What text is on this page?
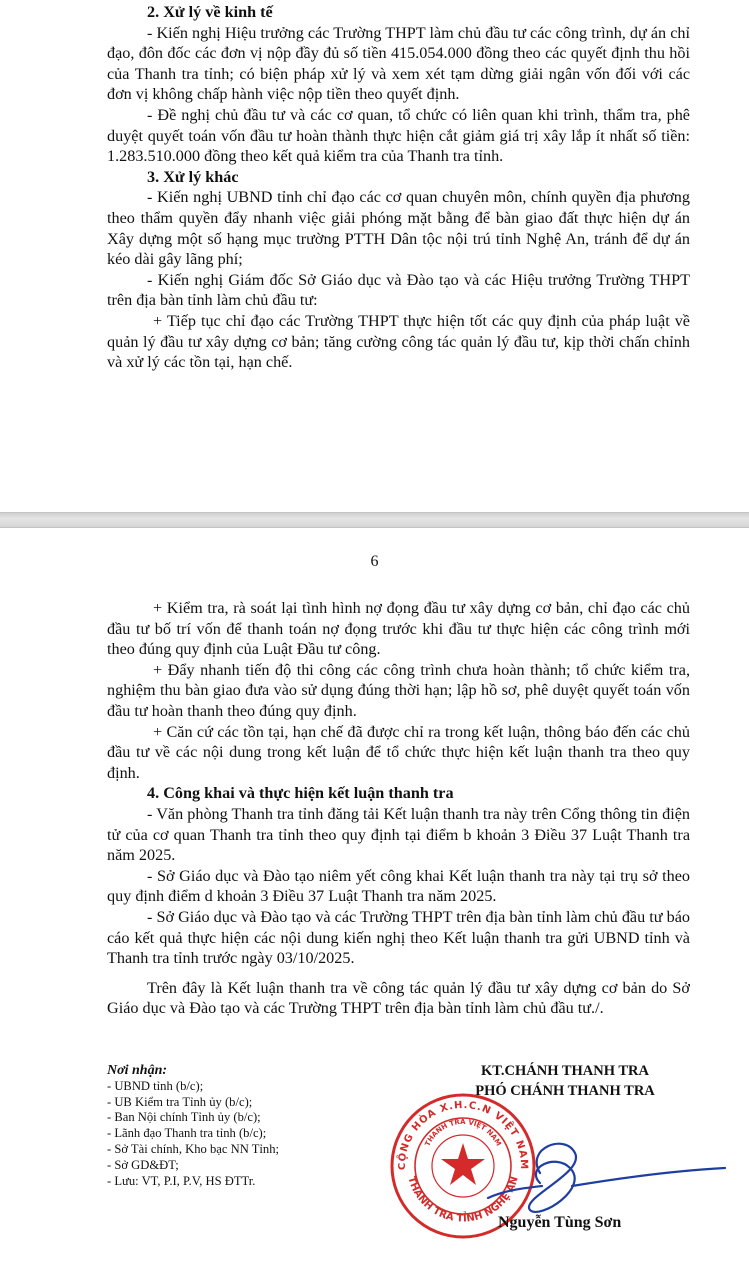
2. Xử lý về kinh tế

- Kiến nghị Hiệu trưởng các Trường THPT làm chủ đầu tư các công trình, dự án chỉ đạo, đôn đốc các đơn vị nộp đầy đủ số tiền 415.054.000 đồng theo các quyết định thu hồi của Thanh tra tỉnh; có biện pháp xử lý và xem xét tạm dừng giải ngân vốn đối với các đơn vị không chấp hành việc nộp tiền theo quyết định.

- Đề nghị chủ đầu tư và các cơ quan, tổ chức có liên quan khi trình, thẩm tra, phê duyệt quyết toán vốn đầu tư hoàn thành thực hiện cắt giảm giá trị xây lắp ít nhất số tiền: 1.283.510.000 đồng theo kết quả kiểm tra của Thanh tra tỉnh.

3. Xử lý khác

- Kiến nghị UBND tỉnh chỉ đạo các cơ quan chuyên môn, chính quyền địa phương theo thẩm quyền đẩy nhanh việc giải phóng mặt bằng để bàn giao đất thực hiện dự án Xây dựng một số hạng mục trường PTTH Dân tộc nội trú tỉnh Nghệ An, tránh để dự án kéo dài gây lãng phí;

- Kiến nghị Giám đốc Sở Giáo dục và Đào tạo và các Hiệu trưởng Trường THPT trên địa bàn tỉnh làm chủ đầu tư:

+ Tiếp tục chỉ đạo các Trường THPT thực hiện tốt các quy định của pháp luật về quản lý đầu tư xây dựng cơ bản; tăng cường công tác quản lý đầu tư, kịp thời chấn chỉnh và xử lý các tồn tại, hạn chế.

6

+ Kiểm tra, rà soát lại tình hình nợ đọng đầu tư xây dựng cơ bản, chỉ đạo các chủ đầu tư bố trí vốn để thanh toán nợ đọng trước khi đầu tư thực hiện các công trình mới theo đúng quy định của Luật Đầu tư công.

+ Đẩy nhanh tiến độ thi công các công trình chưa hoàn thành; tổ chức kiểm tra, nghiệm thu bàn giao đưa vào sử dụng đúng thời hạn; lập hồ sơ, phê duyệt quyết toán vốn đầu tư hoàn thanh theo đúng quy định.

+ Căn cứ các tồn tại, hạn chế đã được chỉ ra trong kết luận, thông báo đến các chủ đầu tư về các nội dung trong kết luận để tổ chức thực hiện kết luận thanh tra theo quy định.

4. Công khai và thực hiện kết luận thanh tra

- Văn phòng Thanh tra tỉnh đăng tải Kết luận thanh tra này trên Cổng thông tin điện tử của cơ quan Thanh tra tỉnh theo quy định tại điểm b khoản 3 Điều 37 Luật Thanh tra năm 2025.

- Sở Giáo dục và Đào tạo niêm yết công khai Kết luận thanh tra này tại trụ sở theo quy định điểm d khoản 3 Điều 37 Luật Thanh tra năm 2025.

- Sở Giáo dục và Đào tạo và các Trường THPT trên địa bàn tỉnh làm chủ đầu tư báo cáo kết quả thực hiện các nội dung kiến nghị theo Kết luận thanh tra gửi UBND tỉnh và Thanh tra tỉnh trước ngày 03/10/2025.

Trên đây là Kết luận thanh tra về công tác quản lý đầu tư xây dựng cơ bản do Sở Giáo dục và Đào tạo và các Trường THPT trên địa bàn tỉnh làm chủ đầu tư./.

Nơi nhận:
- UBND tỉnh (b/c);
- UB Kiểm tra Tỉnh ủy (b/c);
- Ban Nội chính Tỉnh ủy (b/c);
- Lãnh đạo Thanh tra tỉnh (b/c);
- Sở Tài chính, Kho bạc NN Tỉnh;
- Sở GD&ĐT;
- Lưu: VT, P.I, P.V, HS ĐTTr.
KT.CHÁNH THANH TRA
PHÓ CHÁNH THANH TRA
CỘNG HÒA X.H.C.N VIỆT NAM
THANH TRA TỈNH NGHỆ AN
THANH TRA VIỆT NAM
Nguyễn Tùng Sơn
